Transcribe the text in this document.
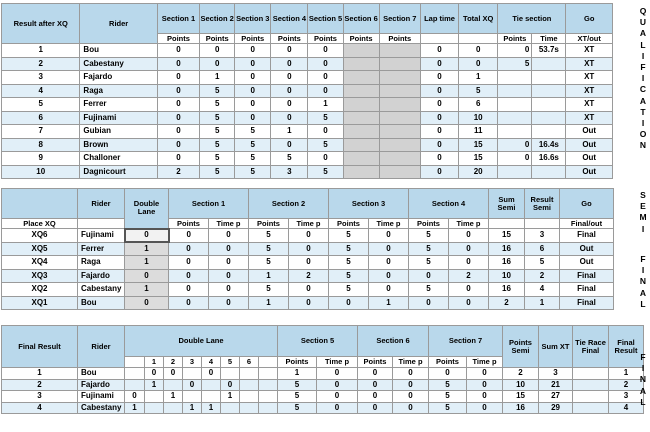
Result after XQ	Rider	Section 1	Section 2	Section 3	Section 4	Section 5	Section 6	Section 7	Lap time	Total XQ	Tie section		Go
		Points	Points	Points	Points	Points	Points	Points			Points	Time	XT/out
1	Bou	0	0	0	0	0			0	0	0	53.7s	XT
2	Cabestany	0	0	0	0	0			0	0	5		XT
3	Fajardo	0	1	0	0	0			0	1			XT
4	Raga	0	5	0	0	0			0	5			XT
5	Ferrer	0	5	0	0	1			0	6			XT
6	Fujinami	0	5	0	0	5			0	10			XT
7	Gubian	0	5	5	1	0			0	11			Out
8	Brown	0	5	5	0	5			0	15	0	16.4s	Out
9	Challoner	0	5	5	5	0			0	15	0	16.6s	Out
10	Dagnicourt	2	5	5	3	5			0	20			Out
	Rider	Double Lane	Section 1		Section 2		Section 3		Section 4		Sum Semi	Result Semi	Go
Place XQ			Points	Time p	Points	Time p	Points	Time p	Points	Time p			Final/out
XQ6	Fujinami	0	0	0	5	0	5	0	5	0	15	3	Final
XQ5	Ferrer	1	0	0	5	0	5	0	5	0	16	6	Out
XQ4	Raga	1	0	0	5	0	5	0	5	0	16	5	Out
XQ3	Fajardo	0	0	0	1	2	5	0	0	2	10	2	Final
XQ2	Cabestany	1	0	0	5	0	5	0	5	0	16	4	Final
XQ1	Bou	0	0	0	1	0	0	1	0	0	2	1	Final
Final Result	Rider	Double Lane								Section 5		Section 6		Section 7		Points Semi	Sum XT	Tie Race Final	Final Result
			1	2	3	4	5	6		Points	Time p	Points	Time p	Points	Time p				
1	Bou		0	0		0				1	0	0	0	0	0	2	3		1
2	Fajardo		1		0		0			5	0	0	0	5	0	10	21		2
3	Fujinami	0		1			1			5	0	0	0	5	0	15	27		3
4	Cabestany	1			1	1				5	0	0	0	5	0	16	29		4
Q
U
A
L
I
F
I
C
A
T
I
O
N
S
E
M
I
F
I
N
A
L
F
I
N
A
L
